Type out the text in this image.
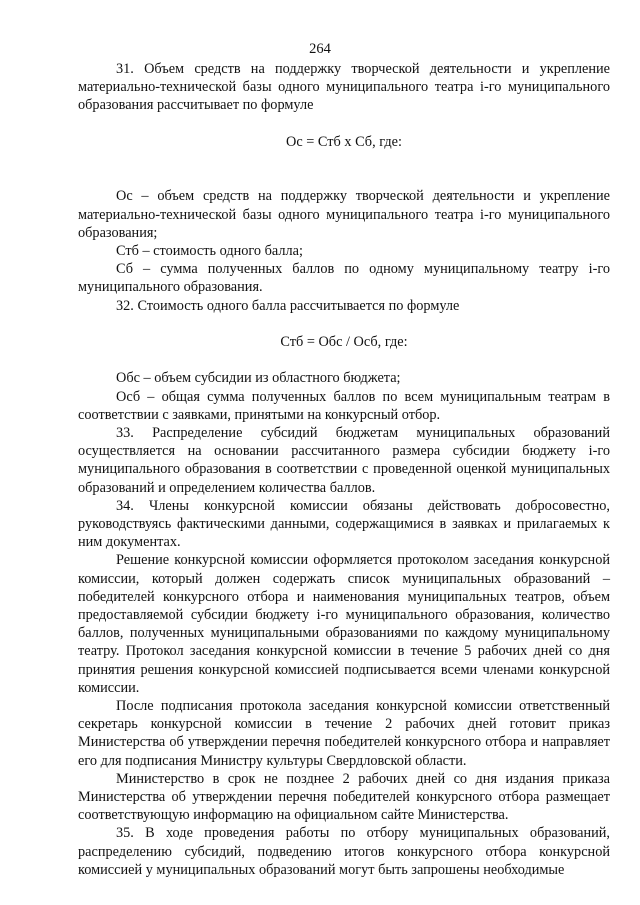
264
31. Объем средств на поддержку творческой деятельности и укрепление материально-технической базы одного муниципального театра i-го муниципального образования рассчитывает по формуле
Ос = Стб х Сб, где:
Ос – объем средств на поддержку творческой деятельности и укрепление материально-технической базы одного муниципального театра i-го муниципального образования;
Стб – стоимость одного балла;
Сб – сумма полученных баллов по одному муниципальному театру i-го муниципального образования.
32. Стоимость одного балла рассчитывается по формуле
Стб = Обс / Осб, где:
Обс – объем субсидии из областного бюджета;
Осб – общая сумма полученных баллов по всем муниципальным театрам в соответствии с заявками, принятыми на конкурсный отбор.
33. Распределение субсидий бюджетам муниципальных образований осуществляется на основании рассчитанного размера субсидии бюджету i-го муниципального образования в соответствии с проведенной оценкой муниципальных образований и определением количества баллов.
34. Члены конкурсной комиссии обязаны действовать добросовестно, руководствуясь фактическими данными, содержащимися в заявках и прилагаемых к ним документах.
Решение конкурсной комиссии оформляется протоколом заседания конкурсной комиссии, который должен содержать список муниципальных образований – победителей конкурсного отбора и наименования муниципальных театров, объем предоставляемой субсидии бюджету i-го муниципального образования, количество баллов, полученных муниципальными образованиями по каждому муниципальному театру. Протокол заседания конкурсной комиссии в течение 5 рабочих дней со дня принятия решения конкурсной комиссией подписывается всеми членами конкурсной комиссии.
После подписания протокола заседания конкурсной комиссии ответственный секретарь конкурсной комиссии в течение 2 рабочих дней готовит приказ Министерства об утверждении перечня победителей конкурсного отбора и направляет его для подписания Министру культуры Свердловской области.
Министерство в срок не позднее 2 рабочих дней со дня издания приказа Министерства об утверждении перечня победителей конкурсного отбора размещает соответствующую информацию на официальном сайте Министерства.
35. В ходе проведения работы по отбору муниципальных образований, распределению субсидий, подведению итогов конкурсного отбора конкурсной комиссией у муниципальных образований могут быть запрошены необходимые
